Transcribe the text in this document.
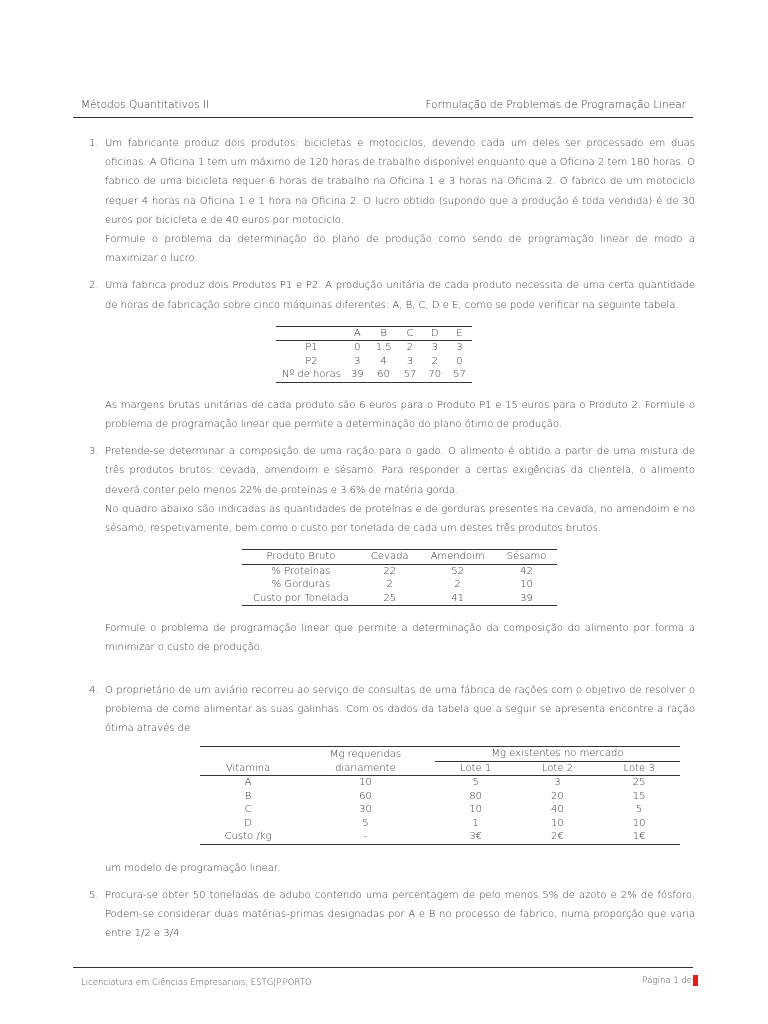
Métodos Quantitativos II	Formulação de Problemas de Programação Linear
1. Um fabricante produz dois produtos: bicicletas e motociclos, devendo cada um deles ser processado em duas oficinas. A Oficina 1 tem um máximo de 120 horas de trabalho disponível enquanto que a Oficina 2 tem 180 horas. O fabrico de uma bicicleta requer 6 horas de trabalho na Oficina 1 e 3 horas na Oficina 2. O fabrico de um motociclo requer 4 horas na Oficina 1 e 1 hora na Oficina 2. O lucro obtido (supondo que a produção é toda vendida) é de 30 euros por bicicleta e de 40 euros por motociclo.

Formule o problema da determinação do plano de produção como sendo de programação linear de modo a maximizar o lucro.

2. Uma fabrica produz dois Produtos P1 e P2. A produção unitária de cada produto necessita de uma certa quantidade de horas de fabricação sobre cinco máquinas diferentes: A, B, C, D e E, como se pode verificar na seguinte tabela.

	A	B	C	D	E
P1	0	1.5	2	3	3
P2	3	4	3	2	0
Nº de horas	39	60	57	70	57

As margens brutas unitárias de cada produto são 6 euros para o Produto P1 e 15 euros para o Produto 2. Formule o problema de programação linear que permite a determinação do plano ótimo de produção.

3. Pretende-se determinar a composição de uma ração para o gado. O alimento é obtido a partir de uma mistura de três produtos brutos: cevada, amendoim e sésamo. Para responder a certas exigências da clientela, o alimento deverá conter pelo menos 22% de proteínas e 3.6% de matéria gorda.

No quadro abaixo são indicadas as quantidades de proteínas e de gorduras presentes na cevada, no amendoim e no sésamo, respetivamente, bem como o custo por tonelada de cada um destes três produtos brutos.

Produto Bruto	Cevada	Amendoim	Sésamo
% Proteínas	22	52	42
% Gorduras	2	2	10
Custo por Tonelada	25	41	39

Formule o problema de programação linear que permite a determinação da composição do alimento por forma a minimizar o custo de produção.

4. O proprietário de um aviário recorreu ao serviço de consultas de uma fábrica de rações com o objetivo de resolver o problema de como alimentar as suas galinhas. Com os dados da tabela que a seguir se apresenta encontre a ração ótima através de

	Mg requeridas	Mg existentes no mercado		
Vitamina	diariamente	Lote 1	Lote 2	Lote 3
A	10	5	3	25
B	60	80	20	15
C	30	10	40	5
D	5	1	10	10
Custo /kg	-	3€	2€	1€

um modelo de programação linear.

5. Procura-se obter 50 toneladas de adubo contendo uma percentagem de pelo menos 5% de azoto e 2% de fósforo. Podem-se considerar duas matérias-primas designadas por A e B no processo de fabrico, numa proporção que varia entre 1/2 e 3/4

Licenciatura em Ciências Empresariais, ESTG|P.PORTO	Página 1 de
